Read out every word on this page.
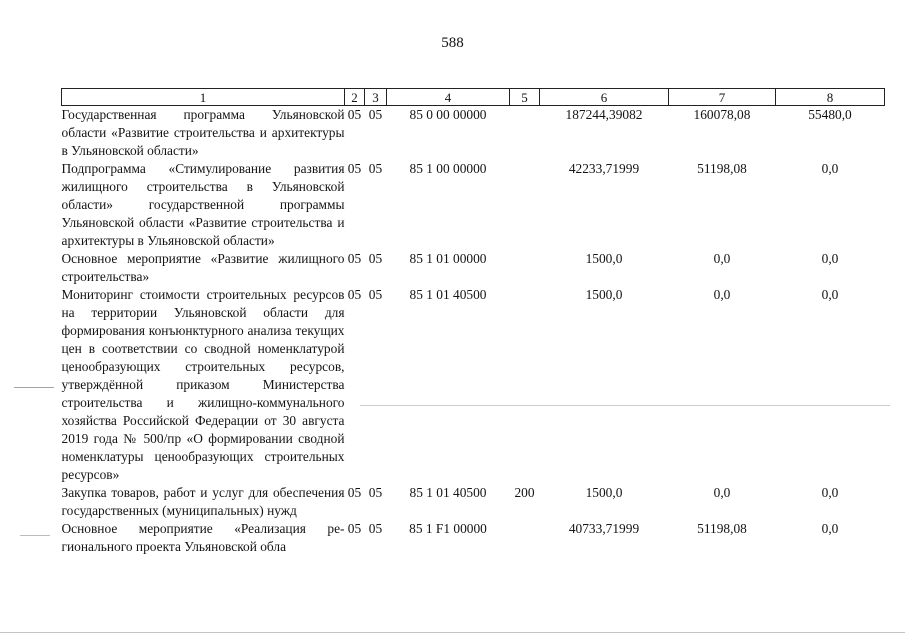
588
1	2	3	4	5	6	7	8
Государственная программа Ульяновской области «Развитие строительства и архитектуры в Ульяновской области»	05	05	85 0 00 00000		187244,39082	160078,08	55480,0
Подпрограмма «Стимулирование развития жилищного строительства в Ульяновской области» государственной программы Ульяновской области «Развитие строительства и архитектуры в Ульяновской области»	05	05	85 1 00 00000		42233,71999	51198,08	0,0
Основное мероприятие «Развитие жилищного строительства»	05	05	85 1 01 00000		1500,0	0,0	0,0
Мониторинг стоимости строительных ресурсов на территории Ульяновской области для формирования конъюнктурного анализа текущих цен в соответствии со сводной номенклатурой ценообразующих строительных ресурсов, утверждённой приказом Министерства строительства и жилищно-коммунального хозяйства Российской Федерации от 30 августа 2019 года № 500/пр «О формировании сводной номенклатуры ценообразующих строительных ресурсов»	05	05	85 1 01 40500		1500,0	0,0	0,0
Закупка товаров, работ и услуг для обеспечения государственных (муниципальных) нужд	05	05	85 1 01 40500	200	1500,0	0,0	0,0
Основное мероприятие «Реализация регионального проекта Ульяновской обла	05	05	85 1 F1 00000		40733,71999	51198,08	0,0
